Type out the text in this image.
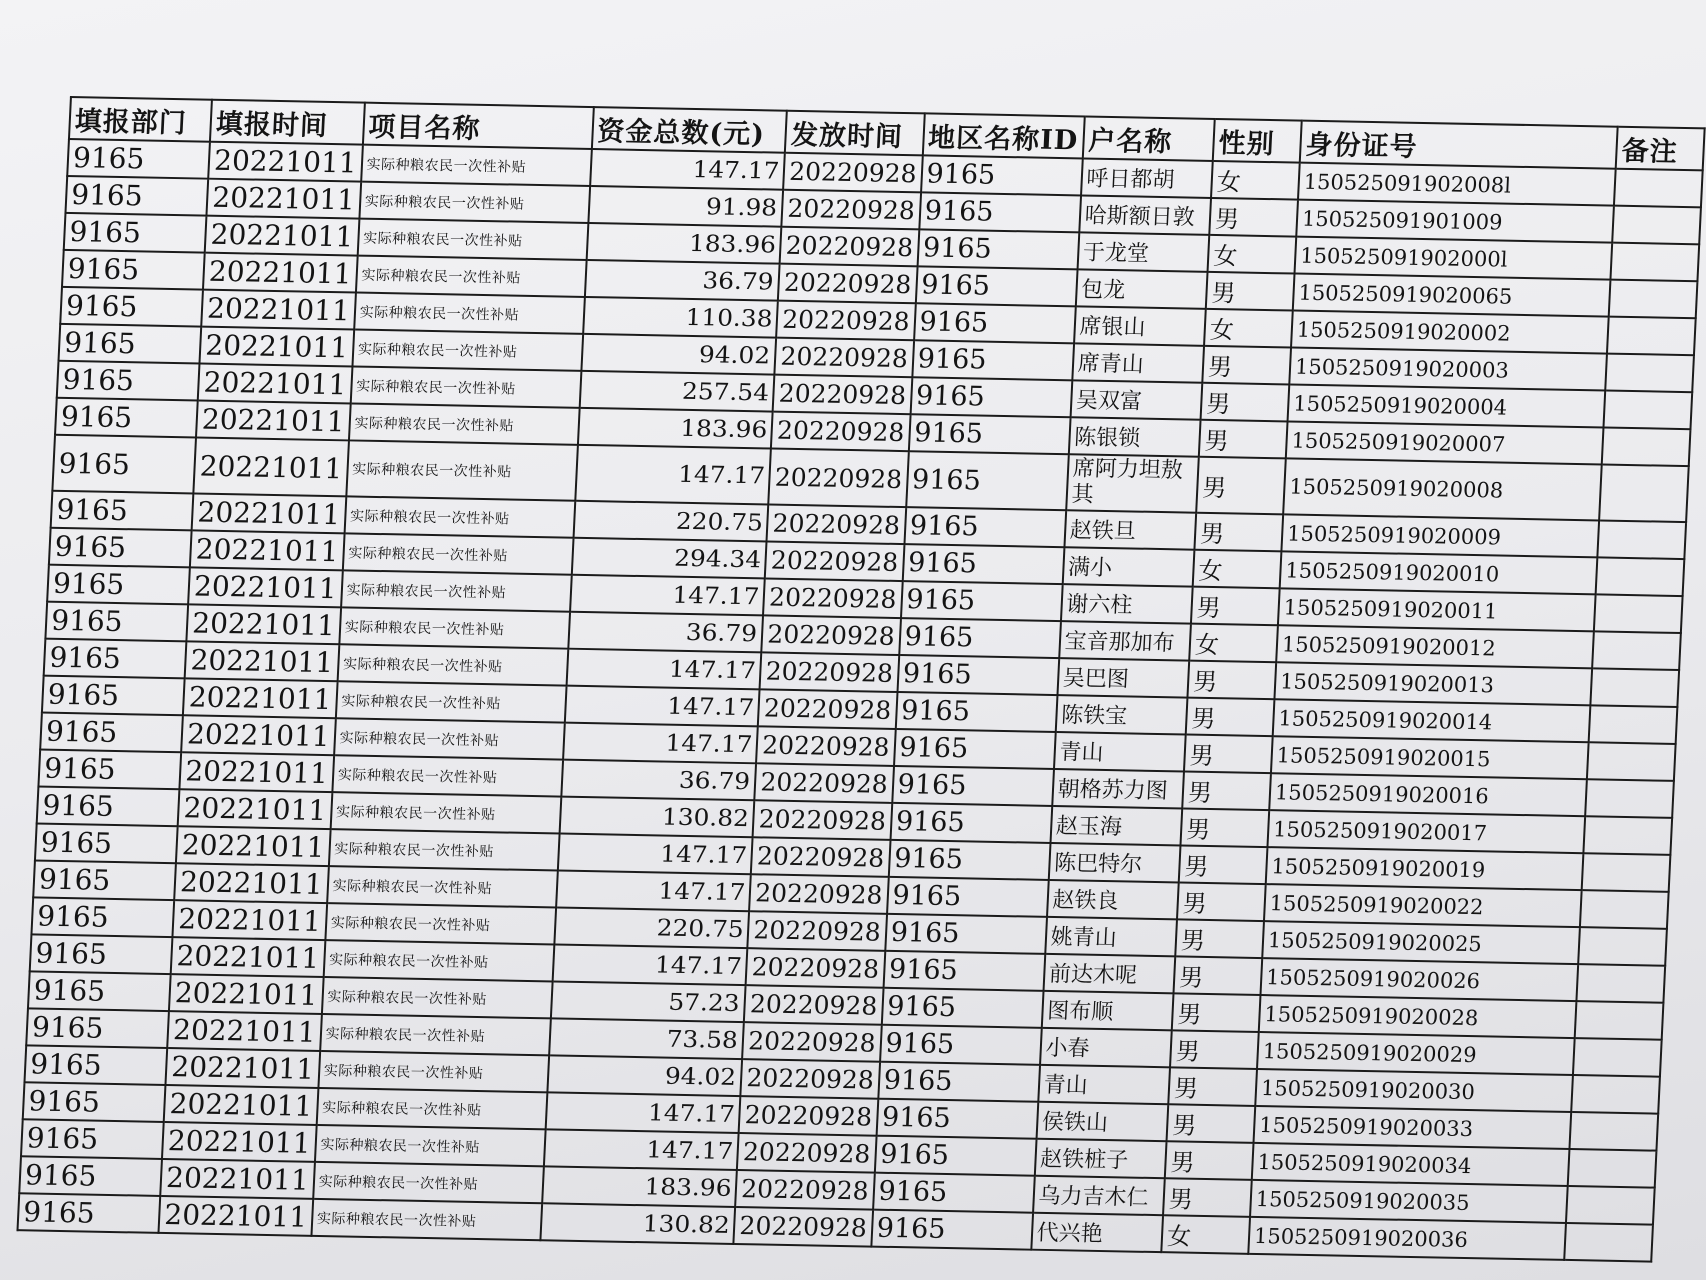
填报部门	填报时间	项目名称	资金总数(元)	发放时间	地区名称ID	户名称	性别	身份证号	备注
9165	20221011	实际种粮农民一次性补贴	147.17	20220928	9165	呼日都胡	女	150525091902008l	
9165	20221011	实际种粮农民一次性补贴	91.98	20220928	9165	哈斯额日敦	男	150525091901009	
9165	20221011	实际种粮农民一次性补贴	183.96	20220928	9165	于龙堂	女	150525091902000l	
9165	20221011	实际种粮农民一次性补贴	36.79	20220928	9165	包龙	男	1505250919020065	
9165	20221011	实际种粮农民一次性补贴	110.38	20220928	9165	席银山	女	1505250919020002	
9165	20221011	实际种粮农民一次性补贴	94.02	20220928	9165	席青山	男	1505250919020003	
9165	20221011	实际种粮农民一次性补贴	257.54	20220928	9165	吴双富	男	1505250919020004	
9165	20221011	实际种粮农民一次性补贴	183.96	20220928	9165	陈银锁	男	1505250919020007	
9165	20221011	实际种粮农民一次性补贴	147.17	20220928	9165	席阿力坦敖其	男	1505250919020008	
9165	20221011	实际种粮农民一次性补贴	220.75	20220928	9165	赵铁旦	男	1505250919020009	
9165	20221011	实际种粮农民一次性补贴	294.34	20220928	9165	满小	女	1505250919020010	
9165	20221011	实际种粮农民一次性补贴	147.17	20220928	9165	谢六柱	男	1505250919020011	
9165	20221011	实际种粮农民一次性补贴	36.79	20220928	9165	宝音那加布	女	1505250919020012	
9165	20221011	实际种粮农民一次性补贴	147.17	20220928	9165	吴巴图	男	1505250919020013	
9165	20221011	实际种粮农民一次性补贴	147.17	20220928	9165	陈铁宝	男	1505250919020014	
9165	20221011	实际种粮农民一次性补贴	147.17	20220928	9165	青山	男	1505250919020015	
9165	20221011	实际种粮农民一次性补贴	36.79	20220928	9165	朝格苏力图	男	1505250919020016	
9165	20221011	实际种粮农民一次性补贴	130.82	20220928	9165	赵玉海	男	1505250919020017	
9165	20221011	实际种粮农民一次性补贴	147.17	20220928	9165	陈巴特尔	男	1505250919020019	
9165	20221011	实际种粮农民一次性补贴	147.17	20220928	9165	赵铁良	男	1505250919020022	
9165	20221011	实际种粮农民一次性补贴	220.75	20220928	9165	姚青山	男	1505250919020025	
9165	20221011	实际种粮农民一次性补贴	147.17	20220928	9165	前达木呢	男	1505250919020026	
9165	20221011	实际种粮农民一次性补贴	57.23	20220928	9165	图布顺	男	1505250919020028	
9165	20221011	实际种粮农民一次性补贴	73.58	20220928	9165	小春	男	1505250919020029	
9165	20221011	实际种粮农民一次性补贴	94.02	20220928	9165	青山	男	1505250919020030	
9165	20221011	实际种粮农民一次性补贴	147.17	20220928	9165	侯铁山	男	1505250919020033	
9165	20221011	实际种粮农民一次性补贴	147.17	20220928	9165	赵铁桩子	男	1505250919020034	
9165	20221011	实际种粮农民一次性补贴	183.96	20220928	9165	乌力吉木仁	男	1505250919020035	
9165	20221011	实际种粮农民一次性补贴	130.82	20220928	9165	代兴艳	女	1505250919020036	
